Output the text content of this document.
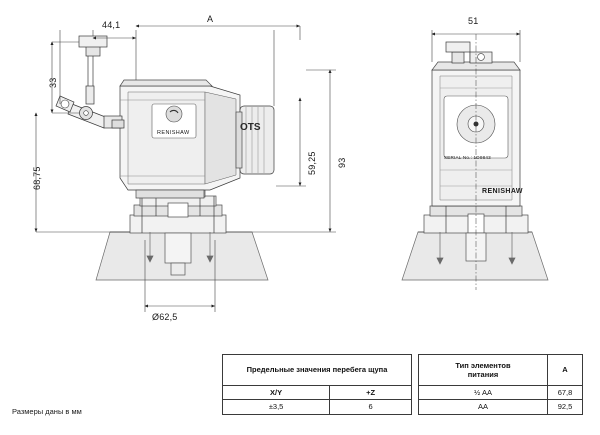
44,1
A
33
68,75
59,25 93
Ø62,5
51
RENISHAW	OTS
SERIAL No.: 1D9843
RENISHAW
Размеры даны в мм
Предельные значения перебега щупа	
X/Y	+Z
±3,5	6
Тип элементов
питания	A
½ AA	67,8
AA	92,5
